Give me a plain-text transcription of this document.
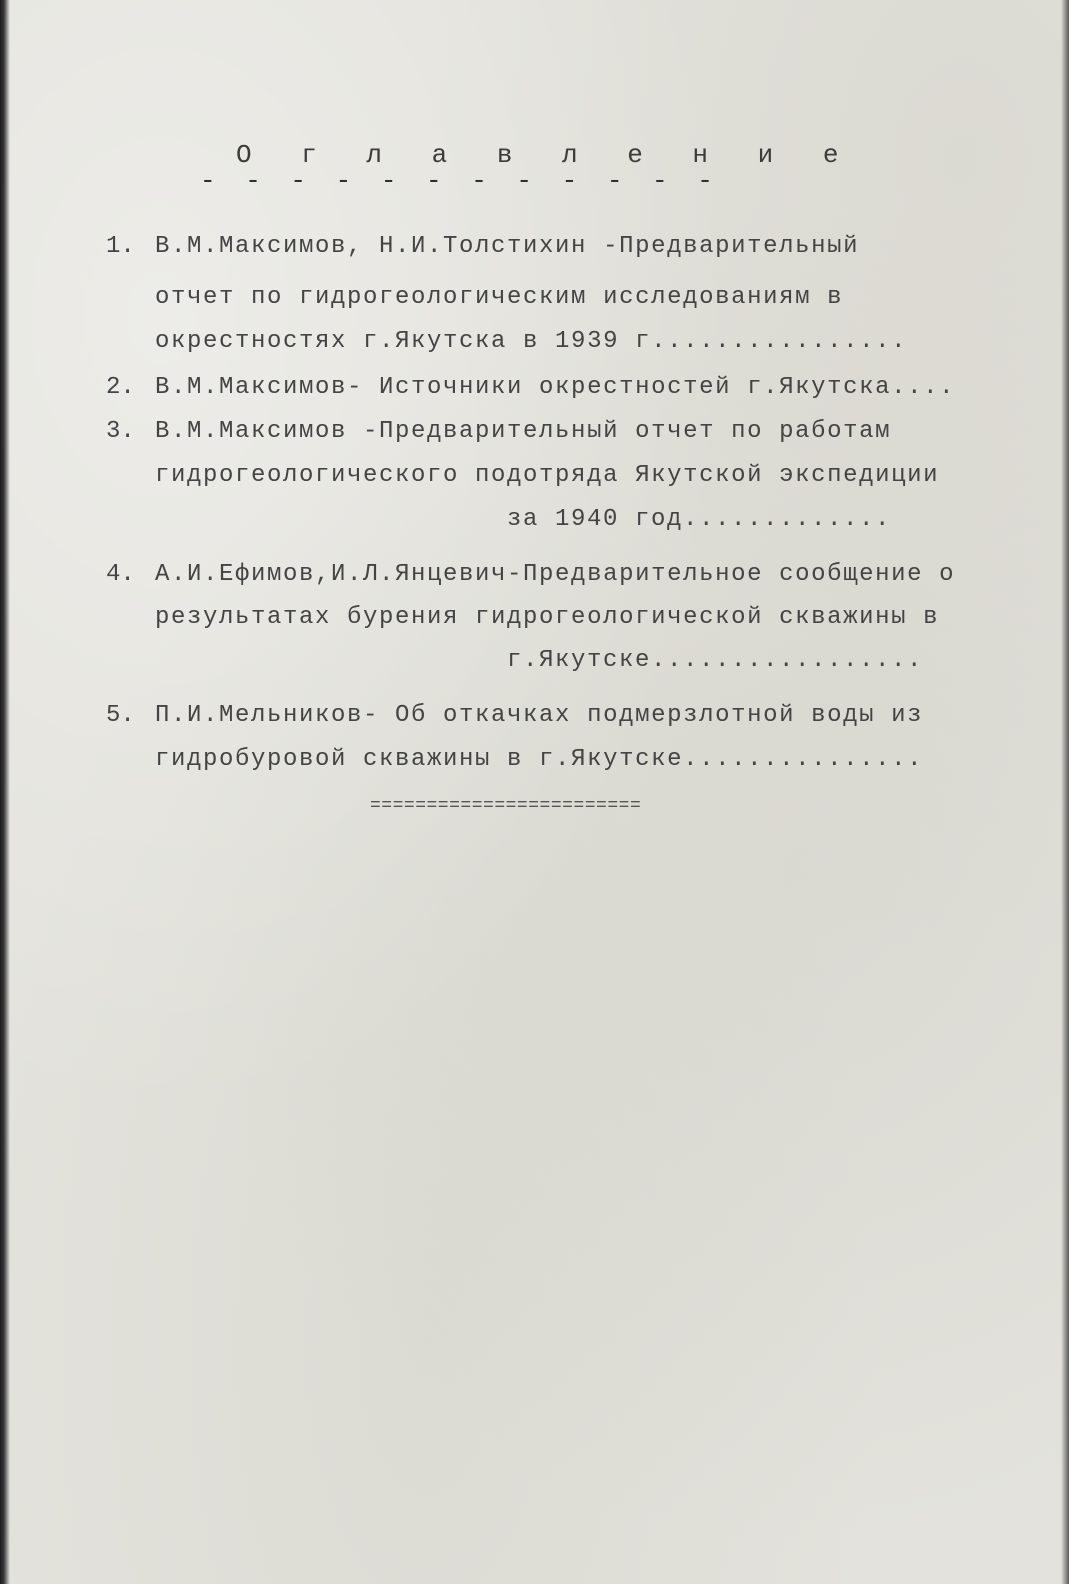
О г л а в л е н и е
- - - - - - - - - - - -
1. В.М.Максимов, Н.И.Толстихин -Предварительный
отчет по гидрогеологическим исследованиям в
окрестностях г.Якутска в 1939 г................
2. В.М.Максимов- Источники окрестностей г.Якутска....
3. В.М.Максимов -Предварительный отчет по работам
гидрогеологического подотряда Якутской экспедиции
за 1940 год.............
4. А.И.Ефимов,И.Л.Янцевич-Предварительное сообщение о
результатах бурения гидрогеологической скважины в
г.Якутске.................
5. П.И.Мельников- Об откачках подмерзлотной воды из
гидробуровой скважины в г.Якутске...............
========================
